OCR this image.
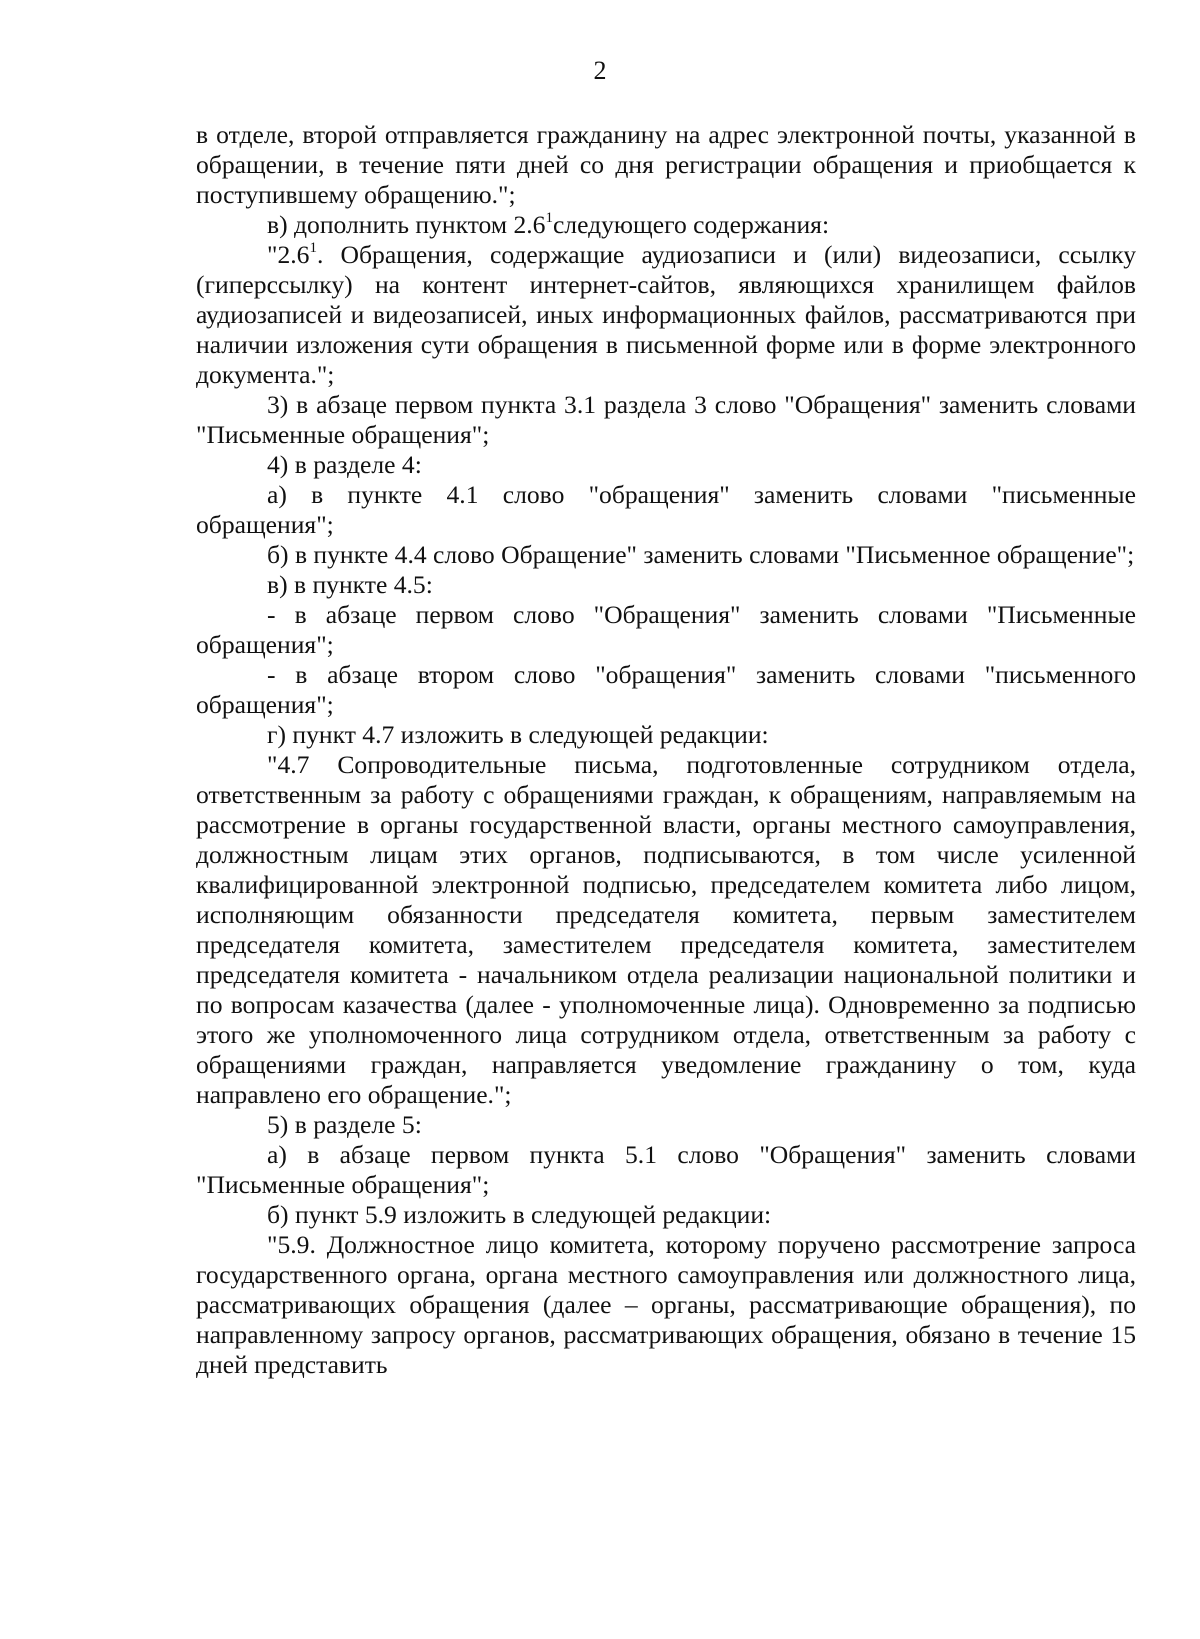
2

в отделе, второй отправляется гражданину на адрес электронной почты, указанной в обращении, в течение пяти дней со дня регистрации обращения и приобщается к поступившему обращению.";

в) дополнить пунктом $2.6^1следующего$ содержания:

"$2.6^1$. Обращения, содержащие аудиозаписи и (или) видеозаписи, ссылку (гиперссылку) на контент интернет-сайтов, являющихся хранилищем файлов аудиозаписей и видеозаписей, иных информационных файлов, рассматриваются при наличии изложения сути обращения в письменной форме или в форме электронного документа.";

3) в абзаце первом пункта 3.1 раздела 3 слово "Обращения" заменить словами "Письменные обращения";

4) в разделе 4:

а) в пункте 4.1 слово "обращения" заменить словами "письменные обращения";

б) в пункте 4.4 слово Обращение" заменить словами "Письменное обращение";

в) в пункте 4.5:

- в абзаце первом слово "Обращения" заменить словами "Письменные обращения";

- в абзаце втором слово "обращения" заменить словами "письменного обращения";

г) пункт 4.7 изложить в следующей редакции:

"4.7 Сопроводительные письма, подготовленные сотрудником отдела, ответственным за работу с обращениями граждан, к обращениям, направляемым на рассмотрение в органы государственной власти, органы местного самоуправления, должностным лицам этих органов, подписываются, в том числе усиленной квалифицированной электронной подписью, председателем комитета либо лицом, исполняющим обязанности председателя комитета, первым заместителем председателя комитета, заместителем председателя комитета, заместителем председателя комитета - начальником отдела реализации национальной политики и по вопросам казачества (далее - уполномоченные лица). Одновременно за подписью этого же уполномоченного лица сотрудником отдела, ответственным за работу с обращениями граждан, направляется уведомление гражданину о том, куда направлено его обращение.";

5) в разделе 5:

а) в абзаце первом пункта 5.1 слово "Обращения" заменить словами "Письменные обращения";

б) пункт 5.9 изложить в следующей редакции:

"5.9. Должностное лицо комитета, которому поручено рассмотрение запроса государственного органа, органа местного самоуправления или должностного лица, рассматривающих обращения (далее – органы, рассматривающие обращения), по направленному запросу органов, рассматривающих обращения, обязано в течение 15 дней представить
